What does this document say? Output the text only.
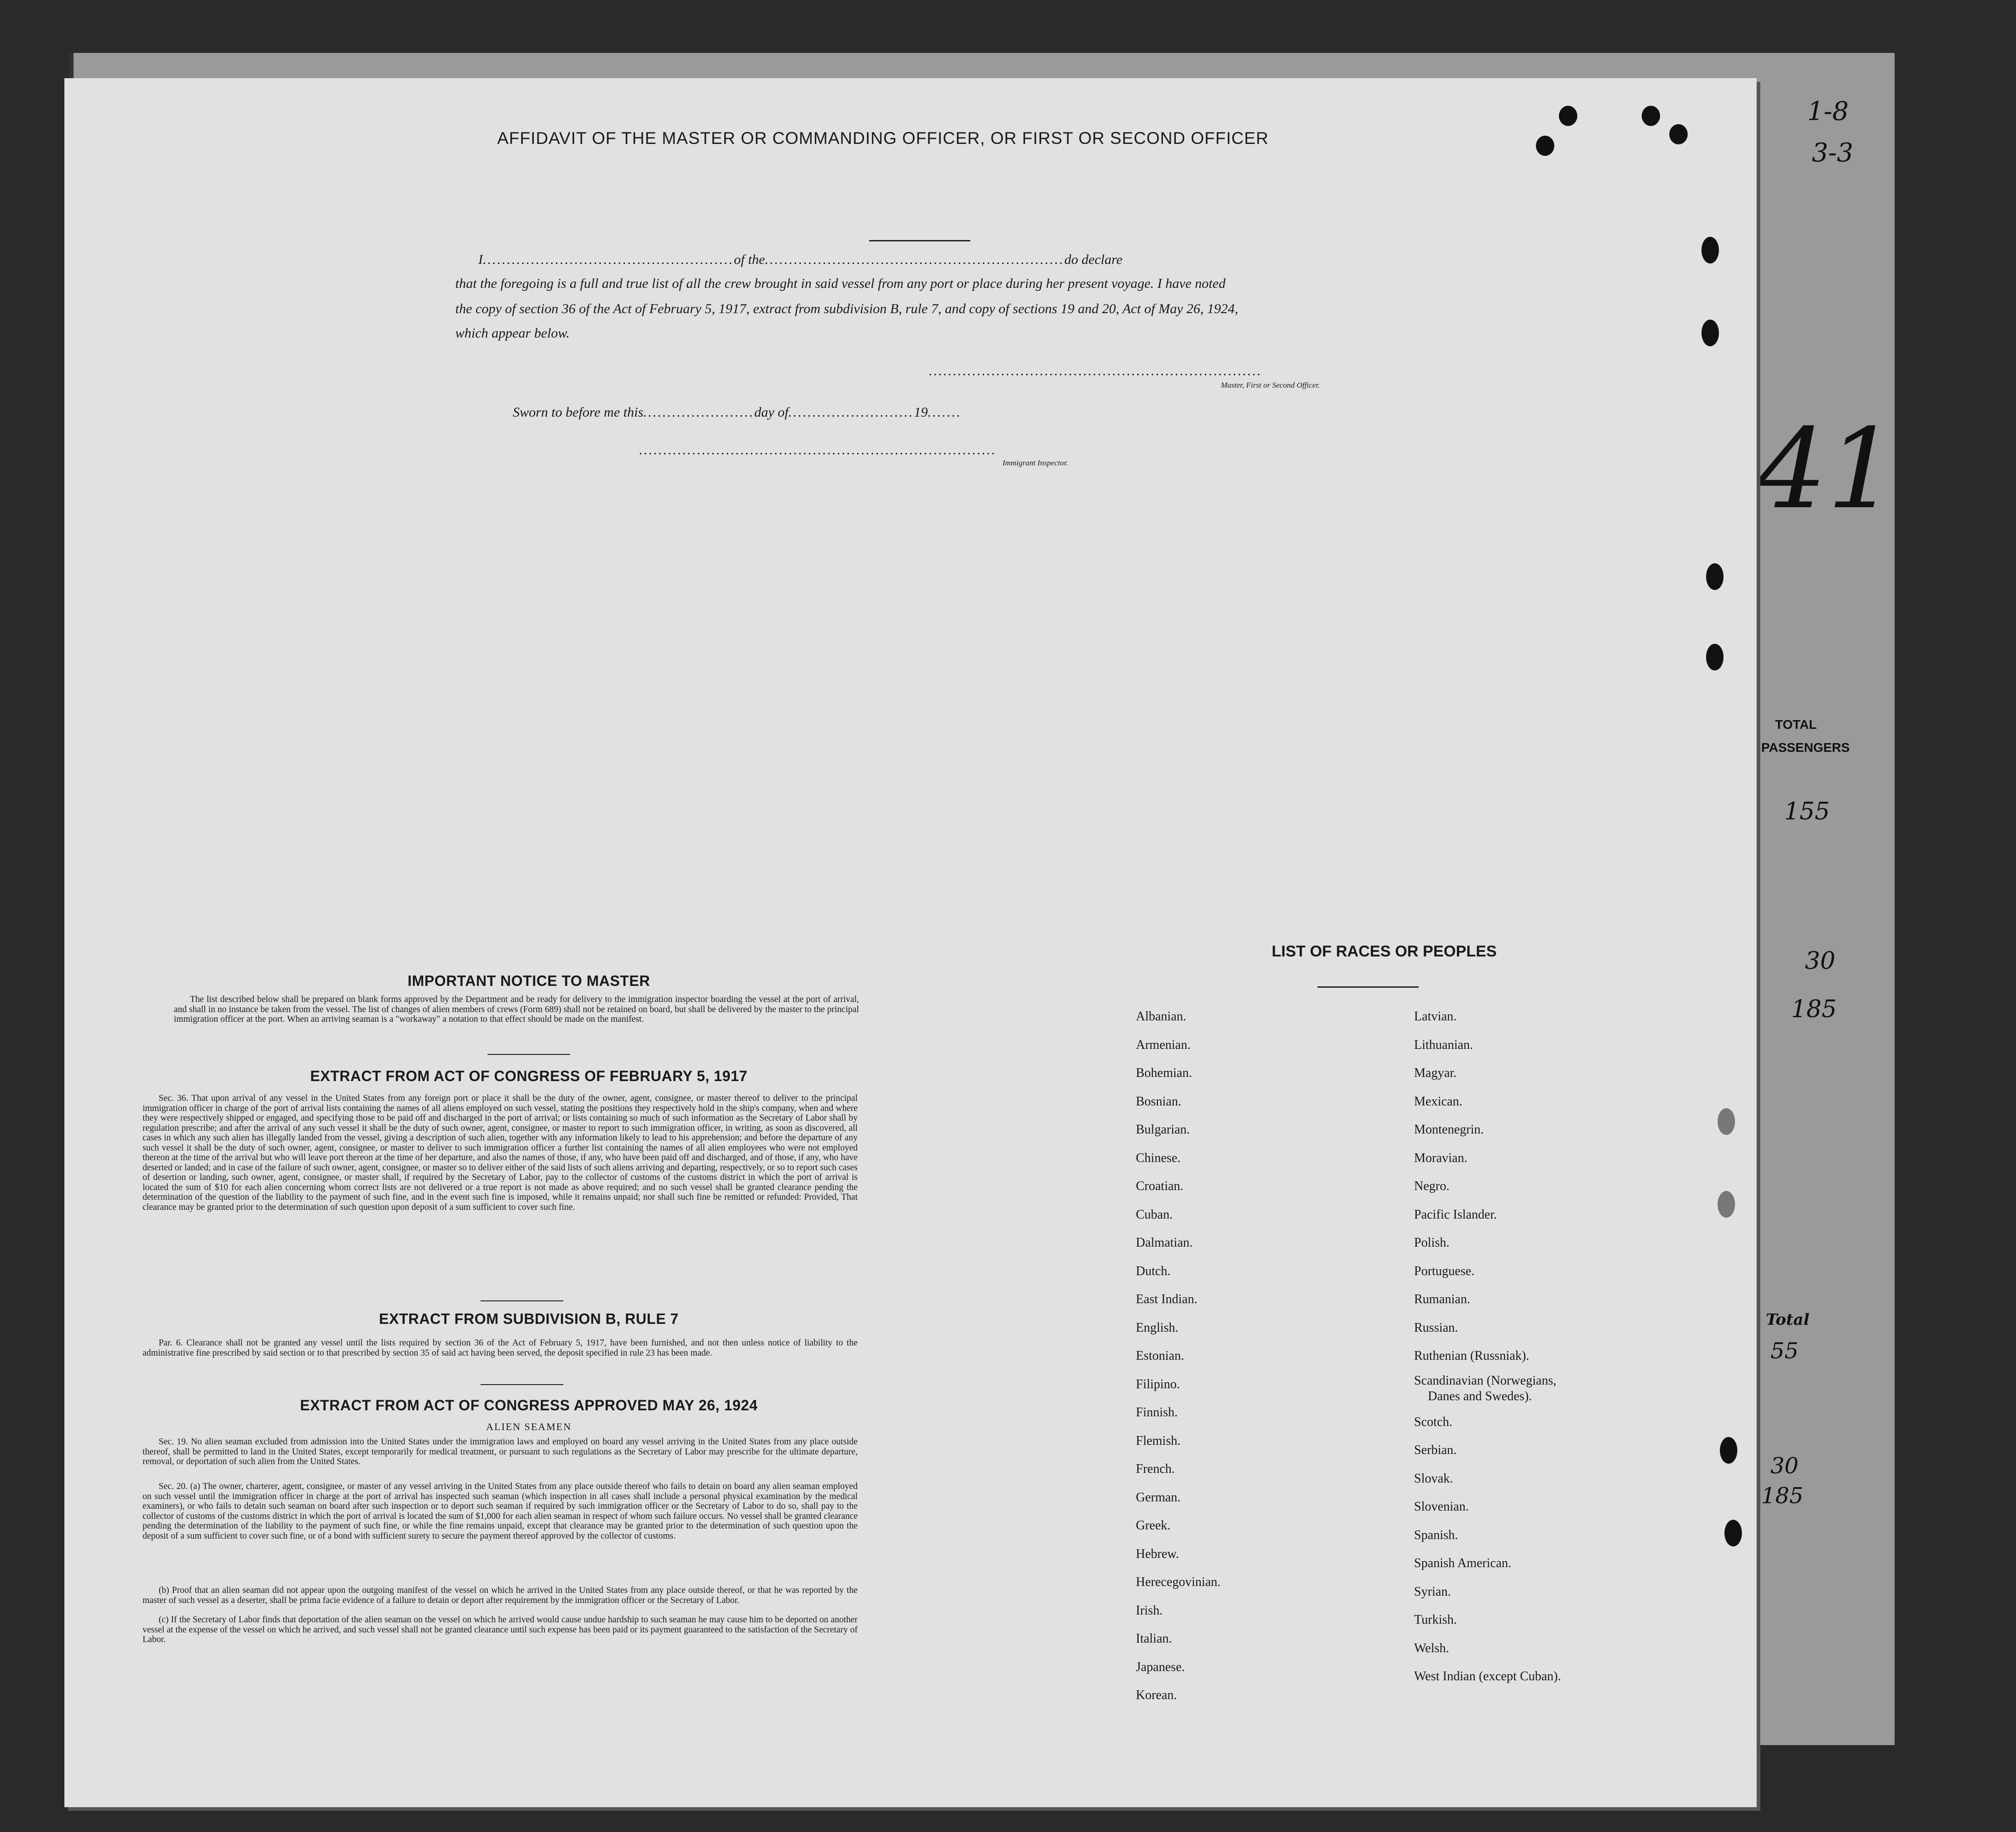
TOTAL
PASSENGERS
155
30
185
Total
55
30
185
1-8
3-3
41
AFFIDAVIT OF THE MASTER OR COMMANDING OFFICER, OR FIRST OR SECOND OFFICER
I....................................................of the..............................................................do declare
that the foregoing is a full and true list of all the crew brought in said vessel from any port or place during her present voyage. I have noted
the copy of section 36 of the Act of February 5, 1917, extract from subdivision B, rule 7, and copy of sections 19 and 20, Act of May 26, 1924,
which appear below.
.....................................................................
Master, First or Second Officer.
Sworn to before me this.......................day of..........................19.......
..........................................................................
Immigrant Inspector.
IMPORTANT NOTICE TO MASTER

The list described below shall be prepared on blank forms approved by the Department and be ready for delivery to the immigration inspector boarding the vessel at the port of arrival, and shall in no instance be taken from the vessel. The list of changes of alien members of crews (Form 689) shall not be retained on board, but shall be delivered by the master to the principal immigration officer at the port. When an arriving seaman is a "workaway" a notation to that effect should be made on the manifest.

EXTRACT FROM ACT OF CONGRESS OF FEBRUARY 5, 1917

Sec. 36. That upon arrival of any vessel in the United States from any foreign port or place it shall be the duty of the owner, agent, consignee, or master thereof to deliver to the principal immigration officer in charge of the port of arrival lists containing the names of all aliens employed on such vessel, stating the positions they respectively hold in the ship's company, when and where they were respectively shipped or engaged, and specifying those to be paid off and discharged in the port of arrival; or lists containing so much of such information as the Secretary of Labor shall by regulation prescribe; and after the arrival of any such vessel it shall be the duty of such owner, agent, consignee, or master to report to such immigration officer, in writing, as soon as discovered, all cases in which any such alien has illegally landed from the vessel, giving a description of such alien, together with any information likely to lead to his apprehension; and before the departure of any such vessel it shall be the duty of such owner, agent, consignee, or master to deliver to such immigration officer a further list containing the names of all alien employees who were not employed thereon at the time of the arrival but who will leave port thereon at the time of her departure, and also the names of those, if any, who have been paid off and discharged, and of those, if any, who have deserted or landed; and in case of the failure of such owner, agent, consignee, or master so to deliver either of the said lists of such aliens arriving and departing, respectively, or so to report such cases of desertion or landing, such owner, agent, consignee, or master shall, if required by the Secretary of Labor, pay to the collector of customs of the customs district in which the port of arrival is located the sum of $10 for each alien concerning whom correct lists are not delivered or a true report is not made as above required; and no such vessel shall be granted clearance pending the determination of the question of the liability to the payment of such fine, and in the event such fine is imposed, while it remains unpaid; nor shall such fine be remitted or refunded: Provided, That clearance may be granted prior to the determination of such question upon deposit of a sum sufficient to cover such fine.

EXTRACT FROM SUBDIVISION B, RULE 7

Par. 6. Clearance shall not be granted any vessel until the lists required by section 36 of the Act of February 5, 1917, have been furnished, and not then unless notice of liability to the administrative fine prescribed by said section or to that prescribed by section 35 of said act having been served, the deposit specified in rule 23 has been made.

EXTRACT FROM ACT OF CONGRESS APPROVED MAY 26, 1924
ALIEN SEAMEN

Sec. 19. No alien seaman excluded from admission into the United States under the immigration laws and employed on board any vessel arriving in the United States from any place outside thereof, shall be permitted to land in the United States, except temporarily for medical treatment, or pursuant to such regulations as the Secretary of Labor may prescribe for the ultimate departure, removal, or deportation of such alien from the United States.

Sec. 20. (a) The owner, charterer, agent, consignee, or master of any vessel arriving in the United States from any place outside thereof who fails to detain on board any alien seaman employed on such vessel until the immigration officer in charge at the port of arrival has inspected such seaman (which inspection in all cases shall include a personal physical examination by the medical examiners), or who fails to detain such seaman on board after such inspection or to deport such seaman if required by such immigration officer or the Secretary of Labor to do so, shall pay to the collector of customs of the customs district in which the port of arrival is located the sum of $1,000 for each alien seaman in respect of whom such failure occurs. No vessel shall be granted clearance pending the determination of the liability to the payment of such fine, or while the fine remains unpaid, except that clearance may be granted prior to the determination of such question upon the deposit of a sum sufficient to cover such fine, or of a bond with sufficient surety to secure the payment thereof approved by the collector of customs.

(b) Proof that an alien seaman did not appear upon the outgoing manifest of the vessel on which he arrived in the United States from any place outside thereof, or that he was reported by the master of such vessel as a deserter, shall be prima facie evidence of a failure to detain or deport after requirement by the immigration officer or the Secretary of Labor.

(c) If the Secretary of Labor finds that deportation of the alien seaman on the vessel on which he arrived would cause undue hardship to such seaman he may cause him to be deported on another vessel at the expense of the vessel on which he arrived, and such vessel shall not be granted clearance until such expense has been paid or its payment guaranteed to the satisfaction of the Secretary of Labor.

LIST OF RACES OR PEOPLES
Albanian.
Armenian.
Bohemian.
Bosnian.
Bulgarian.
Chinese.
Croatian.
Cuban.
Dalmatian.
Dutch.
East Indian.
English.
Estonian.
Filipino.
Finnish.
Flemish.
French.
German.
Greek.
Hebrew.
Herecegovinian.
Irish.
Italian.
Japanese.
Korean.
Latvian.
Lithuanian.
Magyar.
Mexican.
Montenegrin.
Moravian.
Negro.
Pacific Islander.
Polish.
Portuguese.
Rumanian.
Russian.
Ruthenian (Russniak).
Scandinavian (Norwegians,
Danes and Swedes).
Scotch.
Serbian.
Slovak.
Slovenian.
Spanish.
Spanish American.
Syrian.
Turkish.
Welsh.
West Indian (except Cuban).
